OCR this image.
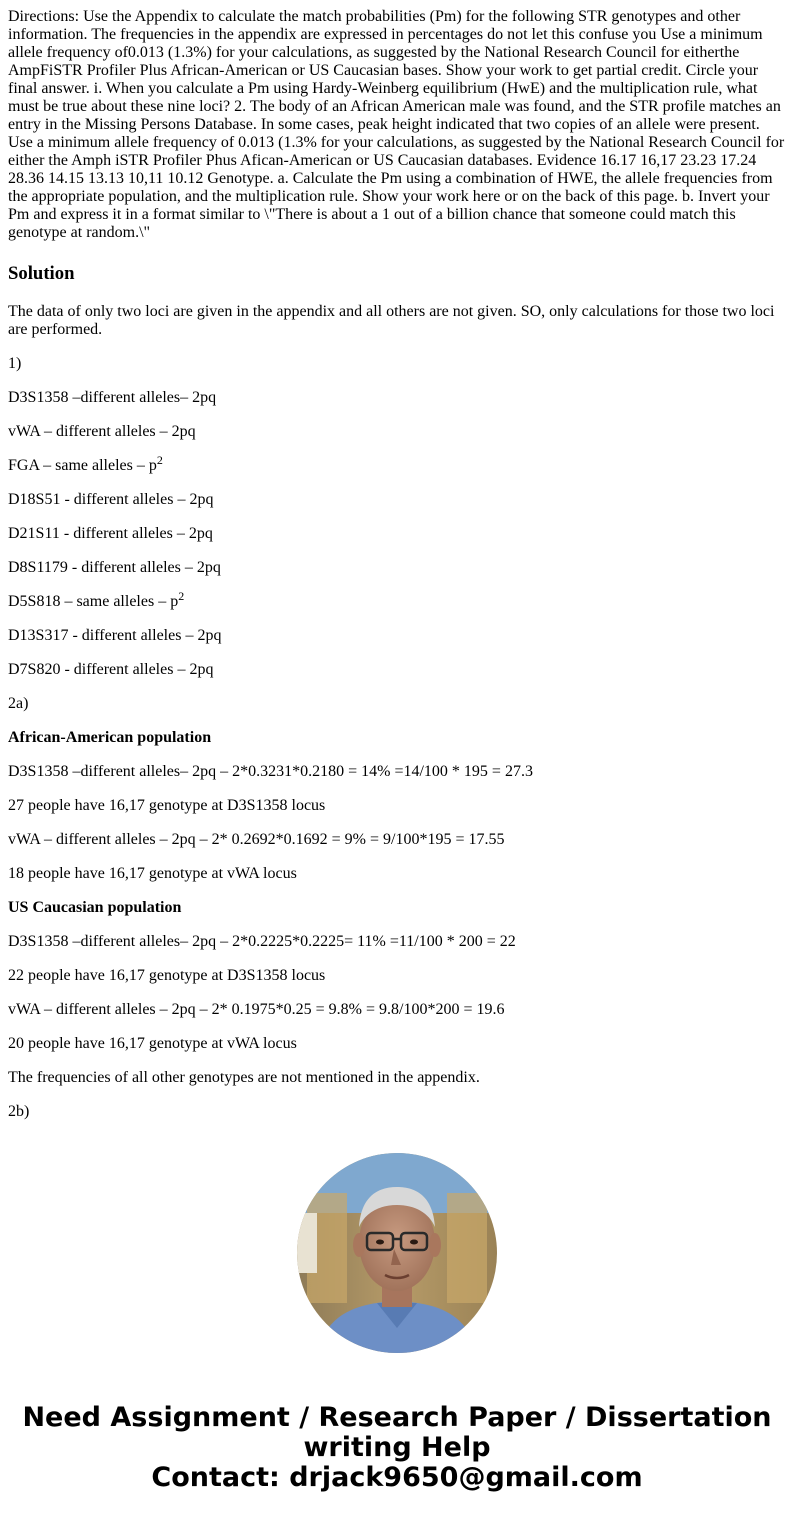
Directions: Use the Appendix to calculate the match probabilities (Pm) for the following STR genotypes and other information. The frequencies in the appendix are expressed in percentages do not let this confuse you Use a minimum allele frequency of0.013 (1.3%) for your calculations, as suggested by the National Research Council for eitherthe AmpFiSTR Profiler Plus African-American or US Caucasian bases. Show your work to get partial credit. Circle your final answer. i. When you calculate a Pm using Hardy-Weinberg equilibrium (HwE) and the multiplication rule, what must be true about these nine loci? 2. The body of an African American male was found, and the STR profile matches an entry in the Missing Persons Database. In some cases, peak height indicated that two copies of an allele were present. Use a minimum allele frequency of 0.013 (1.3% for your calculations, as suggested by the National Research Council for either the Amph iSTR Profiler Phus Afican-American or US Caucasian databases. Evidence 16.17 16,17 23.23 17.24 28.36 14.15 13.13 10,11 10.12 Genotype. a. Calculate the Pm using a combination of HWE, the allele frequencies from the appropriate population, and the multiplication rule. Show your work here or on the back of this page. b. Invert your Pm and express it in a format similar to \"There is about a 1 out of a billion chance that someone could match this genotype at random.\"

Solution

The data of only two loci are given in the appendix and all others are not given. SO, only calculations for those two loci are performed.

1)

D3S1358 –different alleles– 2pq

vWA – different alleles – 2pq

FGA – same alleles – $p^2$

D18S51 - different alleles – 2pq

D21S11 - different alleles – 2pq

D8S1179 - different alleles – 2pq

D5S818 – same alleles – $p^2$

D13S317 - different alleles – 2pq

D7S820 - different alleles – 2pq

2a)

African-American population

D3S1358 –different alleles– 2pq – 2*0.3231*0.2180 = 14% =14/100 * 195 = 27.3

27 people have 16,17 genotype at D3S1358 locus

vWA – different alleles – 2pq – 2* 0.2692*0.1692 = 9% = 9/100*195 = 17.55

18 people have 16,17 genotype at vWA locus

US Caucasian population

D3S1358 –different alleles– 2pq – 2*0.2225*0.2225= 11% =11/100 * 200 = 22

22 people have 16,17 genotype at D3S1358 locus

vWA – different alleles – 2pq – 2* 0.1975*0.25 = 9.8% = 9.8/100*200 = 19.6

20 people have 16,17 genotype at vWA locus

The frequencies of all other genotypes are not mentioned in the appendix.

2b)

Need Assignment / Research Paper / Dissertation
writing Help
Contact: drjack9650@gmail.com
